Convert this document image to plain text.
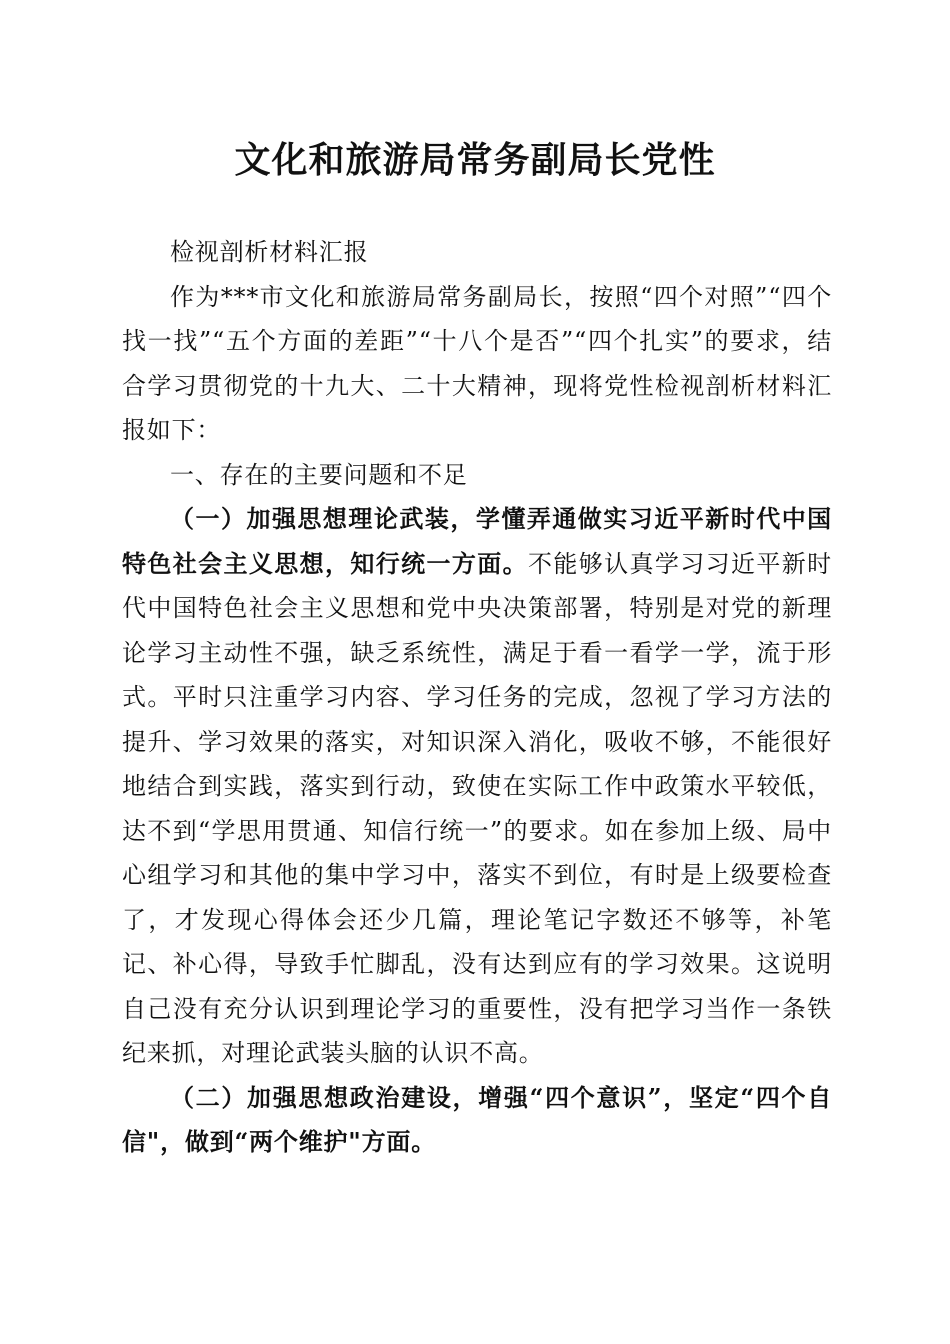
文化和旅游局常务副局长党性

检视剖析材料汇报

作为***市文化和旅游局常务副局长，按照“四个对照”“四个找一找”“五个方面的差距”“十八个是否”“四个扎实”的要求，结合学习贯彻党的十九大、二十大精神，现将党性检视剖析材料汇报如下：

一、存在的主要问题和不足

（一）加强思想理论武装，学懂弄通做实习近平新时代中国特色社会主义思想，知行统一方面。不能够认真学习习近平新时代中国特色社会主义思想和党中央决策部署，特别是对党的新理论学习主动性不强，缺乏系统性，满足于看一看学一学，流于形式。平时只注重学习内容、学习任务的完成，忽视了学习方法的提升、学习效果的落实，对知识深入消化，吸收不够，不能很好地结合到实践，落实到行动，致使在实际工作中政策水平较低，达不到“学思用贯通、知信行统一”的要求。如在参加上级、局中心组学习和其他的集中学习中，落实不到位，有时是上级要检查了，才发现心得体会还少几篇，理论笔记字数还不够等，补笔记、补心得，导致手忙脚乱，没有达到应有的学习效果。这说明自己没有充分认识到理论学习的重要性，没有把学习当作一条铁纪来抓，对理论武装头脑的认识不高。

（二）加强思想政治建设，增强“四个意识”，坚定“四个自信"，做到“两个维护"方面。
